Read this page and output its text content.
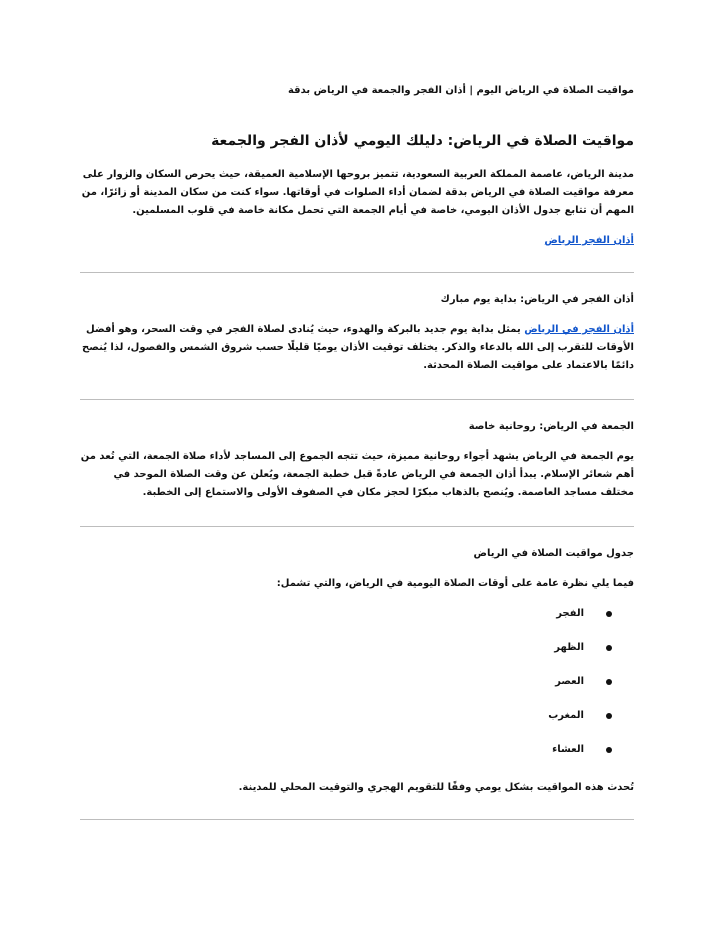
مواقيت الصلاة في الرياض اليوم | أذان الفجر والجمعة في الرياض بدقة

مواقيت الصلاة في الرياض: دليلك اليومي لأذان الفجر والجمعة

مدينة الرياض، عاصمة المملكة العربية السعودية، تتميز بروحها الإسلامية العميقة، حيث يحرص السكان والزوار على معرفة مواقيت الصلاة في الرياض بدقة لضمان أداء الصلوات في أوقاتها. سواء كنت من سكان المدينة أو زائرًا، من المهم أن تتابع جدول الأذان اليومي، خاصة في أيام الجمعة التي تحمل مكانة خاصة في قلوب المسلمين.

أذان الفجر الرياض

أذان الفجر في الرياض: بداية يوم مبارك

أذان الفجر في الرياض يمثل بداية يوم جديد بالبركة والهدوء، حيث يُنادى لصلاة الفجر في وقت السحر، وهو أفضل الأوقات للتقرب إلى الله بالدعاء والذكر. يختلف توقيت الأذان يوميًا قليلًا حسب شروق الشمس والفصول، لذا يُنصح دائمًا بالاعتماد على مواقيت الصلاة المحدثة.

الجمعة في الرياض: روحانية خاصة

يوم الجمعة في الرياض يشهد أجواء روحانية مميزة، حيث تتجه الجموع إلى المساجد لأداء صلاة الجمعة، التي تُعد من أهم شعائر الإسلام. يبدأ أذان الجمعة في الرياض عادةً قبل خطبة الجمعة، ويُعلن عن وقت الصلاة الموحد في مختلف مساجد العاصمة. ويُنصح بالذهاب مبكرًا لحجز مكان في الصفوف الأولى والاستماع إلى الخطبة.

جدول مواقيت الصلاة في الرياض

فيما يلي نظرة عامة على أوقات الصلاة اليومية في الرياض، والتي تشمل:

الفجر
الظهر
العصر
المغرب
العشاء

تُحدث هذه المواقيت بشكل يومي وفقًا للتقويم الهجري والتوقيت المحلي للمدينة.
